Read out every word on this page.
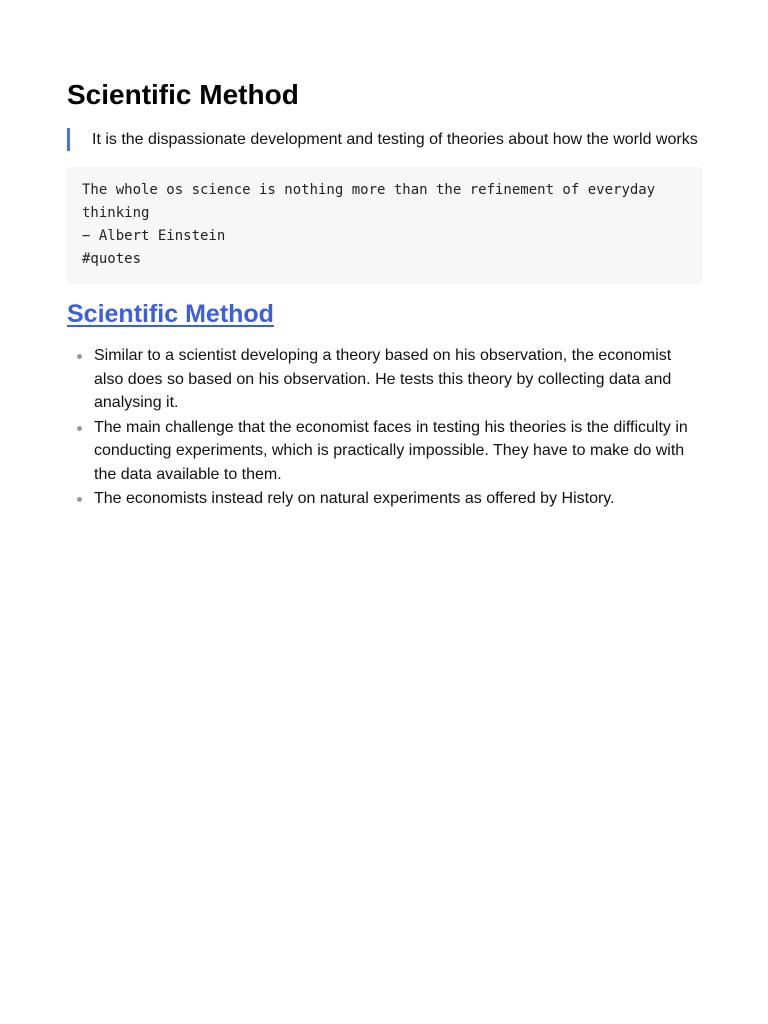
Scientific Method
It is the dispassionate development and testing of theories about how the world works
The whole os science is nothing more than the refinement of everyday thinking
− Albert Einstein
#quotes
Scientific Method
Similar to a scientist developing a theory based on his observation, the economist also does so based on his observation. He tests this theory by collecting data and analysing it.
The main challenge that the economist faces in testing his theories is the difficulty in conducting experiments, which is practically impossible. They have to make do with the data available to them.
The economists instead rely on natural experiments as offered by History.
